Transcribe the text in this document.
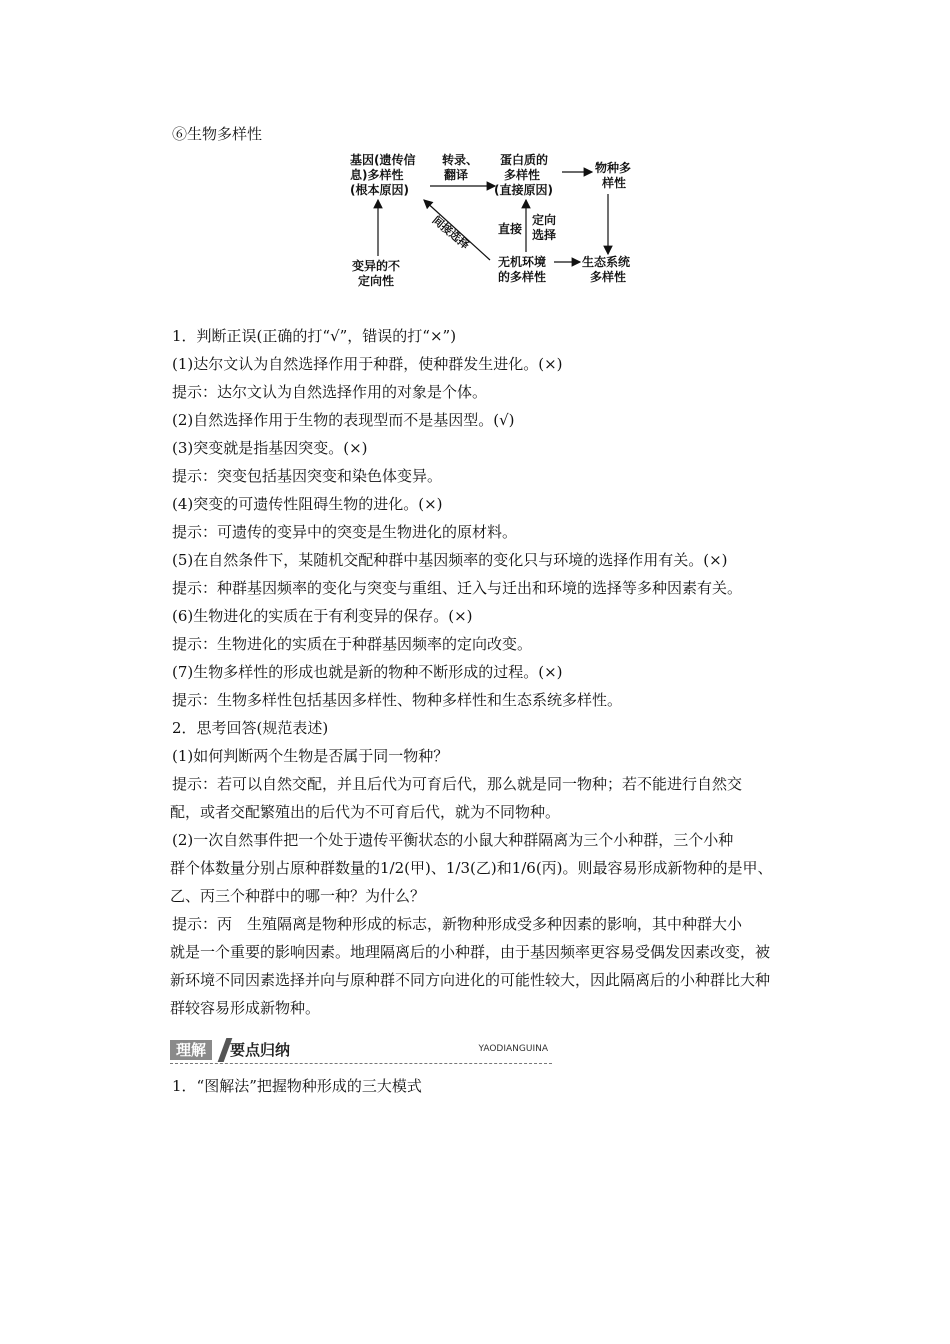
⑥生物多样性
基因(遗传信
息)多样性
(根本原因)
转录、
翻译
蛋白质的
多样性
(直接原因)
物种多
样性
变异的不
定向性
无机环境
的多样性
生态系统
多样性
直接
定向
选择
间接选择
1．判断正误(正确的打“√”，错误的打“×”)
(1)达尔文认为自然选择作用于种群，使种群发生进化。(×)
提示：达尔文认为自然选择作用的对象是个体。
(2)自然选择作用于生物的表现型而不是基因型。(√)
(3)突变就是指基因突变。(×)
提示：突变包括基因突变和染色体变异。
(4)突变的可遗传性阻碍生物的进化。(×)
提示：可遗传的变异中的突变是生物进化的原材料。
(5)在自然条件下，某随机交配种群中基因频率的变化只与环境的选择作用有关。(×)
提示：种群基因频率的变化与突变与重组、迁入与迁出和环境的选择等多种因素有关。
(6)生物进化的实质在于有利变异的保存。(×)
提示：生物进化的实质在于种群基因频率的定向改变。
(7)生物多样性的形成也就是新的物种不断形成的过程。(×)
提示：生物多样性包括基因多样性、物种多样性和生态系统多样性。
2．思考回答(规范表述)
(1)如何判断两个生物是否属于同一物种？
提示：若可以自然交配，并且后代为可育后代，那么就是同一物种；若不能进行自然交
配，或者交配繁殖出的后代为不可育后代，就为不同物种。
(2)一次自然事件把一个处于遗传平衡状态的小鼠大种群隔离为三个小种群，三个小种
群个体数量分别占原种群数量的1/2(甲)、1/3(乙)和1/6(丙)。则最容易形成新物种的是甲、
乙、丙三个种群中的哪一种？为什么？
提示：丙　生殖隔离是物种形成的标志，新物种形成受多种因素的影响，其中种群大小
就是一个重要的影响因素。地理隔离后的小种群，由于基因频率更容易受偶发因素改变，被
新环境不同因素选择并向与原种群不同方向进化的可能性较大，因此隔离后的小种群比大种
群较容易形成新物种。
理解	要点归纳	YAODIANGUINA
1．“图解法”把握物种形成的三大模式
